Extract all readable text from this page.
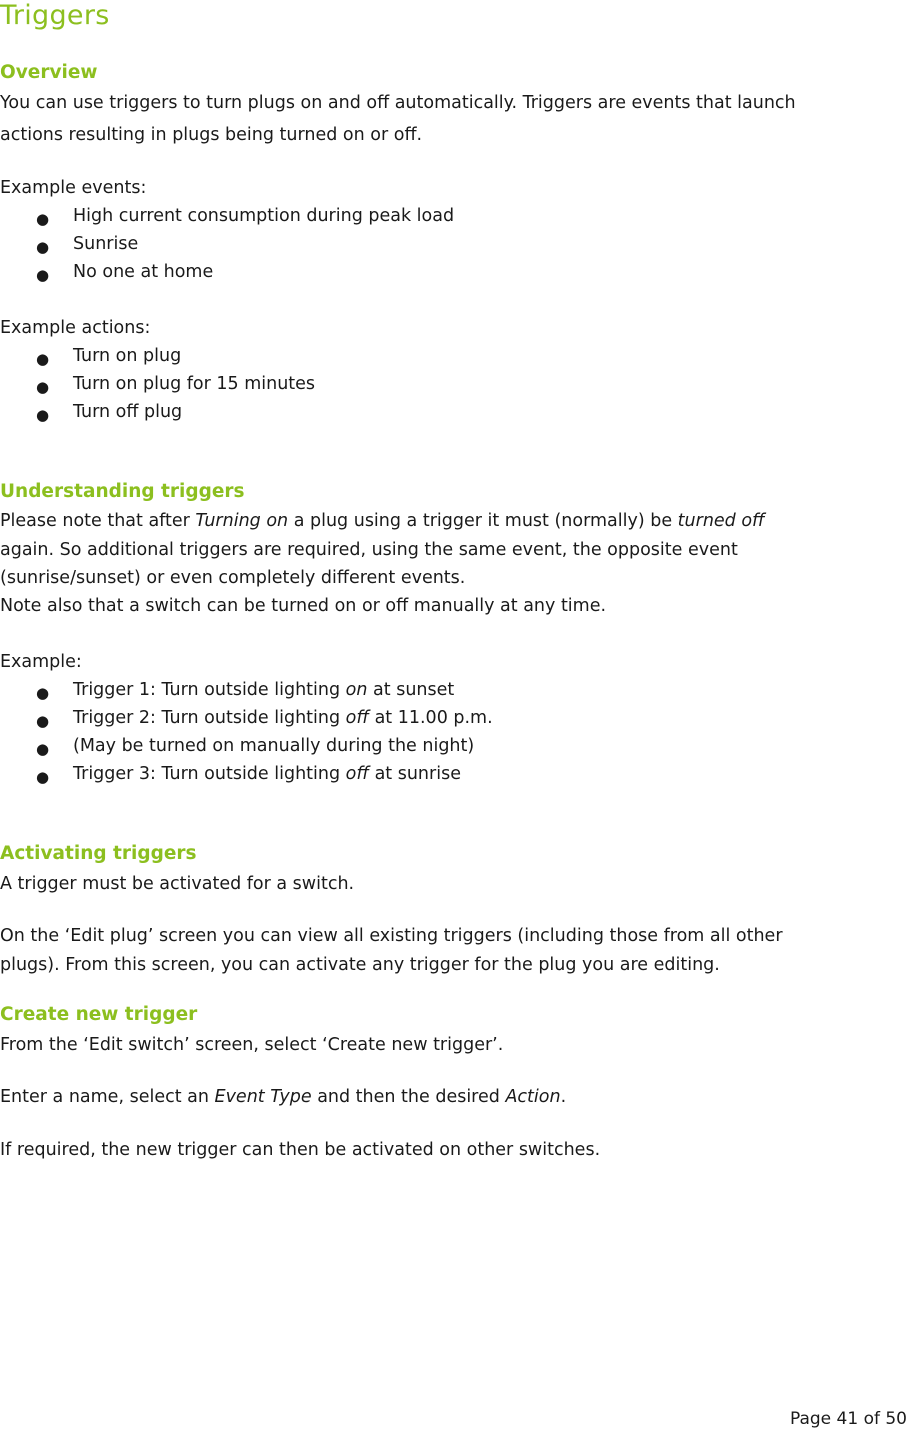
Triggers
Overview
You can use triggers to turn plugs on and off automatically. Triggers are events that launch
actions resulting in plugs being turned on or off.
Example events:
● High current consumption during peak load
● Sunrise
● No one at home
Example actions:
● Turn on plug
● Turn on plug for 15 minutes
● Turn off plug
Understanding triggers
Please note that after Turning on a plug using a trigger it must (normally) be turned off
again. So additional triggers are required, using the same event, the opposite event
(sunrise/sunset) or even completely different events.
Note also that a switch can be turned on or off manually at any time.
Example:
● Trigger 1: Turn outside lighting on at sunset
● Trigger 2: Turn outside lighting off at 11.00 p.m.
● (May be turned on manually during the night)
● Trigger 3: Turn outside lighting off at sunrise
Activating triggers
A trigger must be activated for a switch.
On the ‘Edit plug’ screen you can view all existing triggers (including those from all other
plugs). From this screen, you can activate any trigger for the plug you are editing.
Create new trigger
From the ‘Edit switch’ screen, select ‘Create new trigger’.
Enter a name, select an Event Type and then the desired Action.
If required, the new trigger can then be activated on other switches.
Page 41 of 50
